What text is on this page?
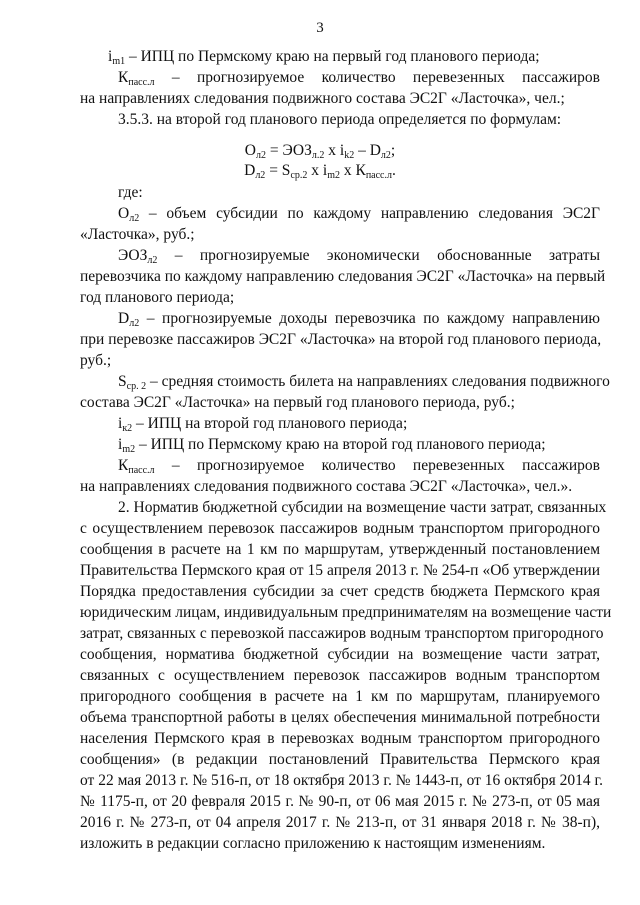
3
$i_{m1}$ – ИПЦ по Пермскому краю на первый год планового периода;
$К_{пасс.л}$ – прогнозируемое количество перевезенных пассажиров
на направлениях следования подвижного состава ЭС2Г «Ласточка», чел.;
3.5.3. на второй год планового периода определяется по формулам:
$О_{л2} = ЭОЗ_{л.2}$ х $i_{k2} - D_{л2}$;
$D_{л2} = S_{ср.2}$ х $i_{m2}$ х $К_{пасс.л}$.
где:
$О_{л2}$ – объем субсидии по каждому направлению следования ЭС2Г
«Ласточка», руб.;
$ЭОЗ_{л2}$ – прогнозируемые экономически обоснованные затраты
перевозчика по каждому направлению следования ЭС2Г «Ласточка» на первый
год планового периода;
$D_{л2}$ – прогнозируемые доходы перевозчика по каждому направлению
при перевозке пассажиров ЭС2Г «Ласточка» на второй год планового периода,
руб.;
$S_{ср. 2}$ – средняя стоимость билета на направлениях следования подвижного
состава ЭС2Г «Ласточка» на первый год планового периода, руб.;
$i_{к2}$ – ИПЦ на второй год планового периода;
$i_{m2}$ – ИПЦ по Пермскому краю на второй год планового периода;
$К_{пасс.л}$ – прогнозируемое количество перевезенных пассажиров
на направлениях следования подвижного состава ЭС2Г «Ласточка», чел.».
2. Норматив бюджетной субсидии на возмещение части затрат, связанных
с осуществлением перевозок пассажиров водным транспортом пригородного
сообщения в расчете на 1 км по маршрутам, утвержденный постановлением
Правительства Пермского края от 15 апреля 2013 г. № 254-п «Об утверждении
Порядка предоставления субсидии за счет средств бюджета Пермского края
юридическим лицам, индивидуальным предпринимателям на возмещение части
затрат, связанных с перевозкой пассажиров водным транспортом пригородного
сообщения, норматива бюджетной субсидии на возмещение части затрат,
связанных с осуществлением перевозок пассажиров водным транспортом
пригородного сообщения в расчете на 1 км по маршрутам, планируемого
объема транспортной работы в целях обеспечения минимальной потребности
населения Пермского края в перевозках водным транспортом пригородного
сообщения» (в редакции постановлений Правительства Пермского края
от 22 мая 2013 г. № 516-п, от 18 октября 2013 г. № 1443-п, от 16 октября 2014 г.
№ 1175-п, от 20 февраля 2015 г. № 90-п, от 06 мая 2015 г. № 273-п, от 05 мая
2016 г. № 273-п, от 04 апреля 2017 г. № 213-п, от 31 января 2018 г. № 38-п),
изложить в редакции согласно приложению к настоящим изменениям.
